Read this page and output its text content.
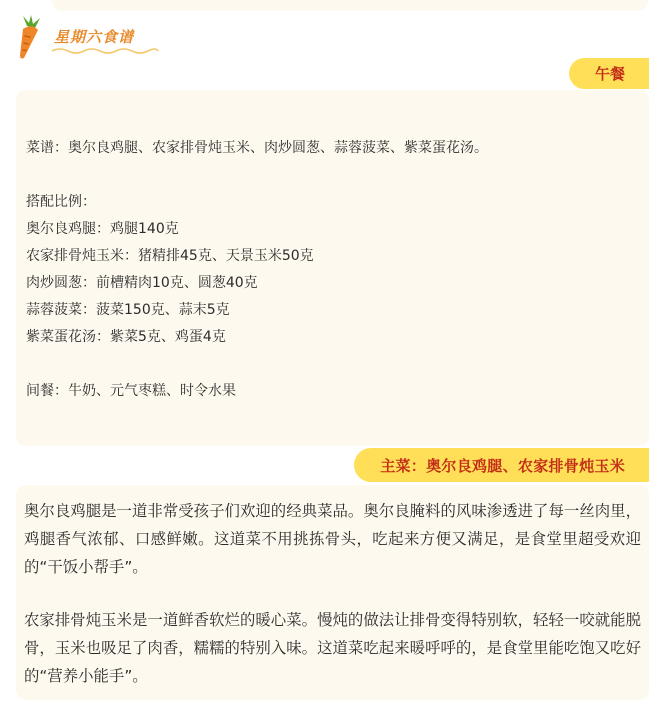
星期六食谱
午餐
菜谱：奥尔良鸡腿、农家排骨炖玉米、肉炒圆葱、蒜蓉菠菜、紫菜蛋花汤。
搭配比例：
奥尔良鸡腿：鸡腿140克
农家排骨炖玉米：猪精排45克、天景玉米50克
肉炒圆葱：前槽精肉10克、圆葱40克
蒜蓉菠菜：菠菜150克、蒜末5克
紫菜蛋花汤：紫菜5克、鸡蛋4克
间餐：牛奶、元气枣糕、时令水果
主菜：奥尔良鸡腿、农家排骨炖玉米
奥尔良鸡腿是一道非常受孩子们欢迎的经典菜品。奥尔良腌料的风味渗透进了每一丝肉里，鸡腿香气浓郁、口感鲜嫩。这道菜不用挑拣骨头，吃起来方便又满足，是食堂里超受欢迎的“干饭小帮手”。
农家排骨炖玉米是一道鲜香软烂的暖心菜。慢炖的做法让排骨变得特别软，轻轻一咬就能脱骨，玉米也吸足了肉香，糯糯的特别入味。这道菜吃起来暖呼呼的，是食堂里能吃饱又吃好的“营养小能手”。
